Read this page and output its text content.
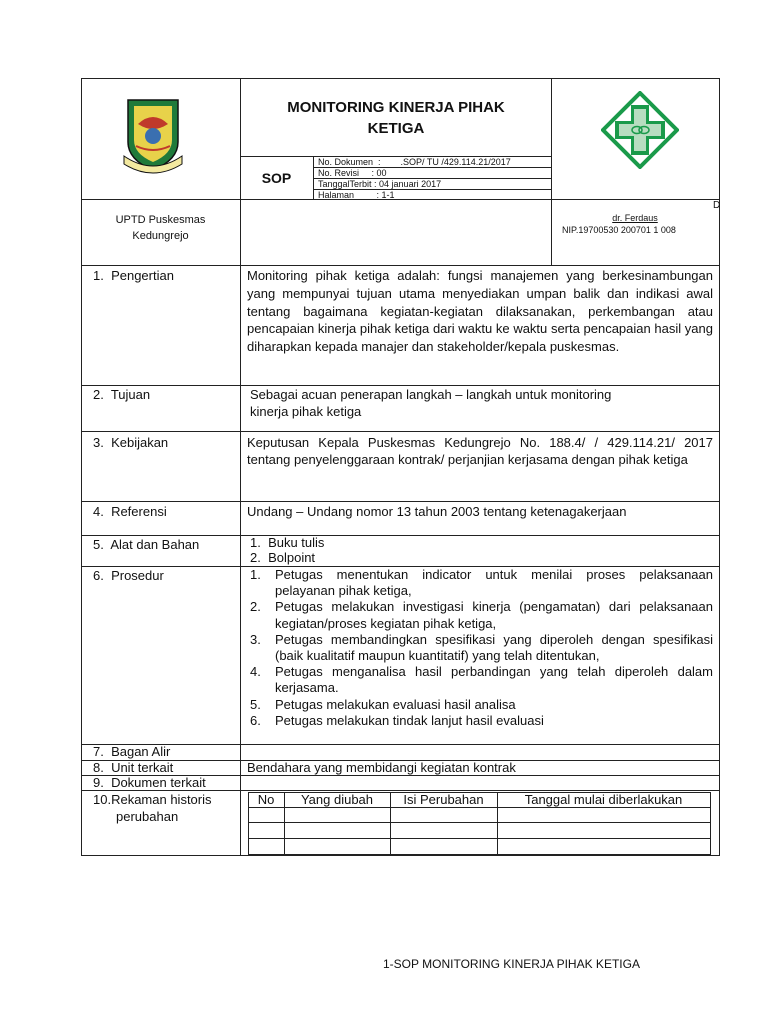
MONITORING KINERJA PIHAK
KETIGA
SOP
No. Dokumen  :        .SOP/ TU /429.114.21/2017
No. Revisi     : 00
TanggalTerbit : 04 januari 2017
Halaman         : 1-1
UPTD Puskesmas
Kedungrejo
D
dr. Ferdaus
NIP.19700530 200701 1 008
1.  Pengertian	Monitoring pihak ketiga adalah: fungsi manajemen yang berkesinambungan yang mempunyai tujuan utama menyediakan umpan balik dan indikasi awal tentang bagaimana kegiatan-kegiatan dilaksanakan, perkembangan atau pencapaian kinerja pihak ketiga dari waktu ke waktu serta pencapaian hasil yang diharapkan kepada manajer dan stakeholder/kepala puskesmas.
2.  Tujuan	Sebagai acuan penerapan langkah – langkah untuk monitoring
kinerja pihak ketiga
3.  Kebijakan	Keputusan Kepala Puskesmas Kedungrejo No. 188.4/ / 429.114.21/ 2017 tentang penyelenggaraan kontrak/ perjanjian kerjasama dengan pihak ketiga
4.  Referensi	Undang – Undang nomor 13 tahun 2003 tentang ketenagakerjaan
5.  Alat dan Bahan	1.  Buku tulis
2.  Bolpoint
6.  Prosedur	1.	Petugas menentukan indicator untuk menilai proses pelaksanaan pelayanan pihak ketiga,
2.	Petugas melakukan investigasi kinerja (pengamatan) dari pelaksanaan kegiatan/proses kegiatan pihak ketiga,
3.	Petugas membandingkan spesifikasi yang diperoleh dengan spesifikasi (baik kualitatif maupun kuantitatif) yang telah ditentukan,
4.	Petugas menganalisa hasil perbandingan yang telah diperoleh dalam kerjasama.
5.	Petugas melakukan evaluasi hasil analisa
6.	Petugas melakukan tindak lanjut hasil evaluasi
7.  Bagan Alir
8.  Unit terkait	Bendahara yang membidangi kegiatan kontrak
9.  Dokumen terkait
10.Rekaman historis
perubahan
No	Yang diubah	Isi Perubahan	Tanggal mulai diberlakukan
1-SOP MONITORING KINERJA PIHAK KETIGA
